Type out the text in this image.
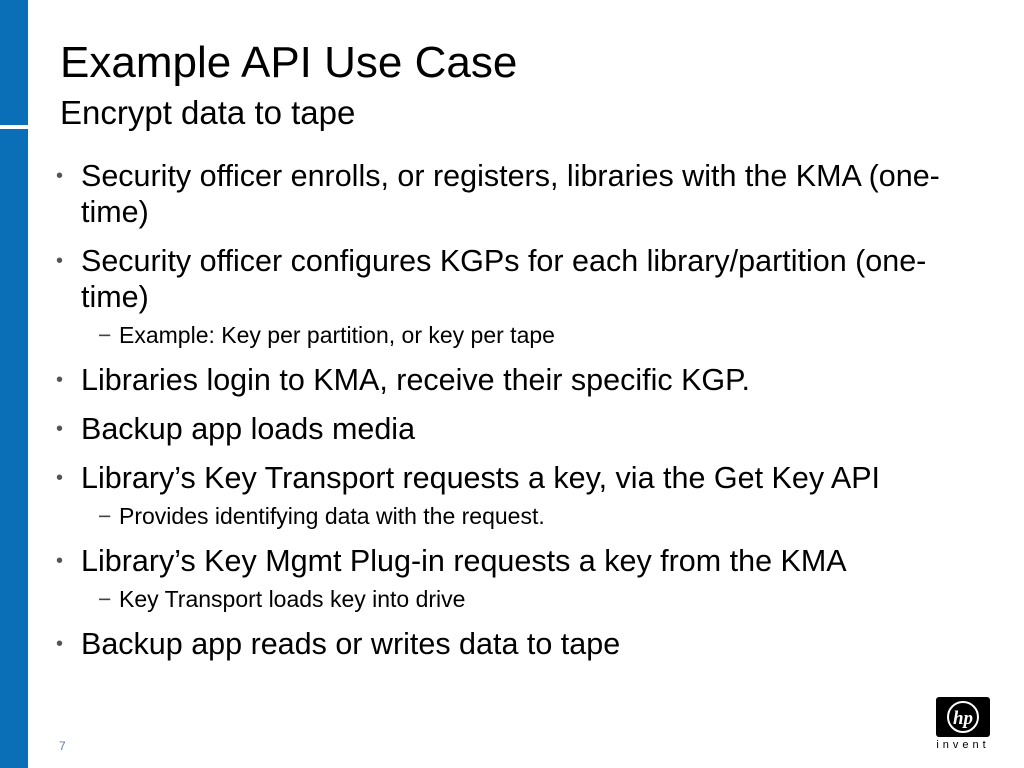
Example API Use Case
Encrypt data to tape
• Security officer enrolls, or registers, libraries with the KMA (one-time)
• Security officer configures KGPs for each library/partition (one-time)
− Example: Key per partition, or key per tape
• Libraries login to KMA, receive their specific KGP.
• Backup app loads media
• Library’s Key Transport requests a key, via the Get Key API
− Provides identifying data with the request.
• Library’s Key Mgmt Plug-in requests a key from the KMA
− Key Transport loads key into drive
• Backup app reads or writes data to tape
7
hp
invent
